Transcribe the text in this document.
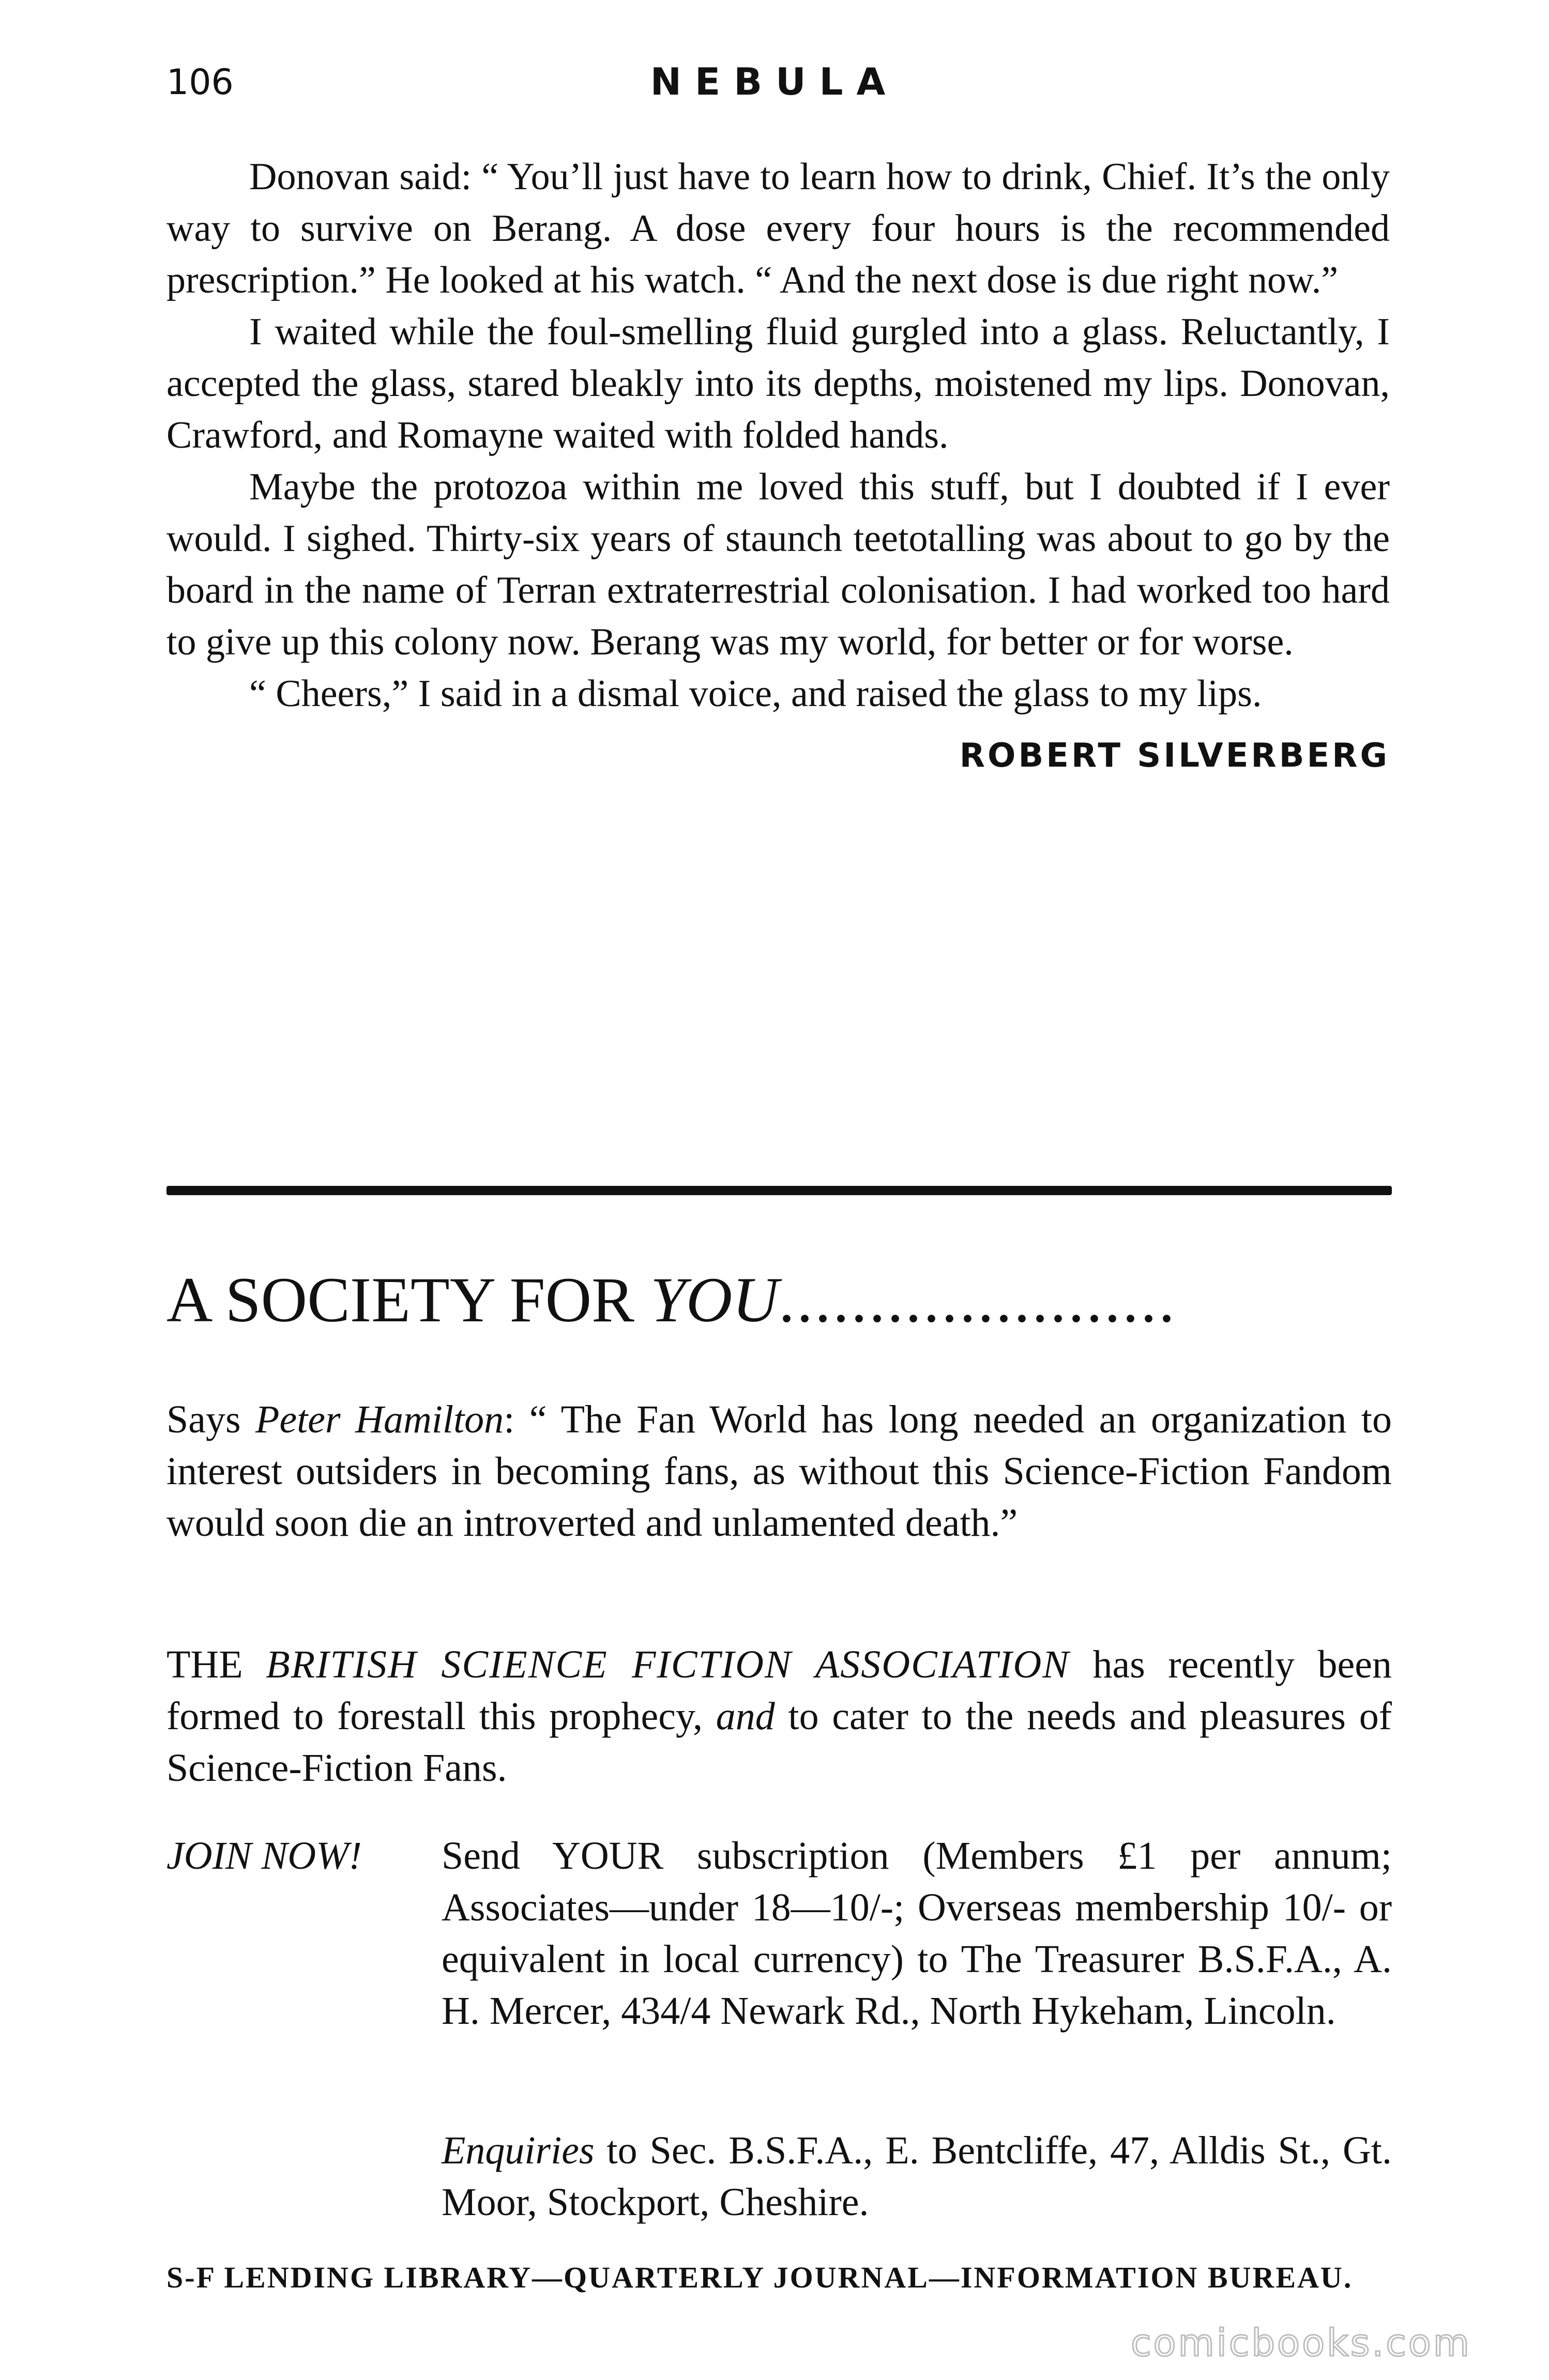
106	NEBULA

Donovan said: “ You’ll just have to learn how to drink, Chief. It’s the only way to survive on Berang. A dose every four hours is the recommended prescription.” He looked at his watch. “ And the next dose is due right now.”

I waited while the foul-smelling fluid gurgled into a glass. Reluctantly, I accepted the glass, stared bleakly into its depths, moistened my lips. Donovan, Crawford, and Romayne waited with folded hands.

Maybe the protozoa within me loved this stuff, but I doubted if I ever would. I sighed. Thirty-six years of staunch teetotalling was about to go by the board in the name of Terran extraterrestrial colonisation. I had worked too hard to give up this colony now. Berang was my world, for better or for worse.

“ Cheers,” I said in a dismal voice, and raised the glass to my lips.

ROBERT SILVERBERG
A SOCIETY FOR YOU......................

Says Peter Hamilton: “ The Fan World has long needed an organization to interest outsiders in becoming fans, as without this Science-Fiction Fandom would soon die an introverted and unlamented death.”

THE BRITISH SCIENCE FICTION ASSOCIATION has recently been formed to forestall this prophecy, and to cater to the needs and pleasures of Science-Fiction Fans.

JOIN NOW! Send YOUR subscription (Members £1 per annum; Associates—under 18—10/-; Overseas membership 10/- or equivalent in local currency) to The Treasurer B.S.F.A., A. H. Mercer, 434/4 Newark Rd., North Hykeham, Lincoln.

Enquiries to Sec. B.S.F.A., E. Bentcliffe, 47, Alldis St., Gt. Moor, Stockport, Cheshire.

S-F LENDING LIBRARY—QUARTERLY JOURNAL—INFORMATION BUREAU.
comicbooks.com
